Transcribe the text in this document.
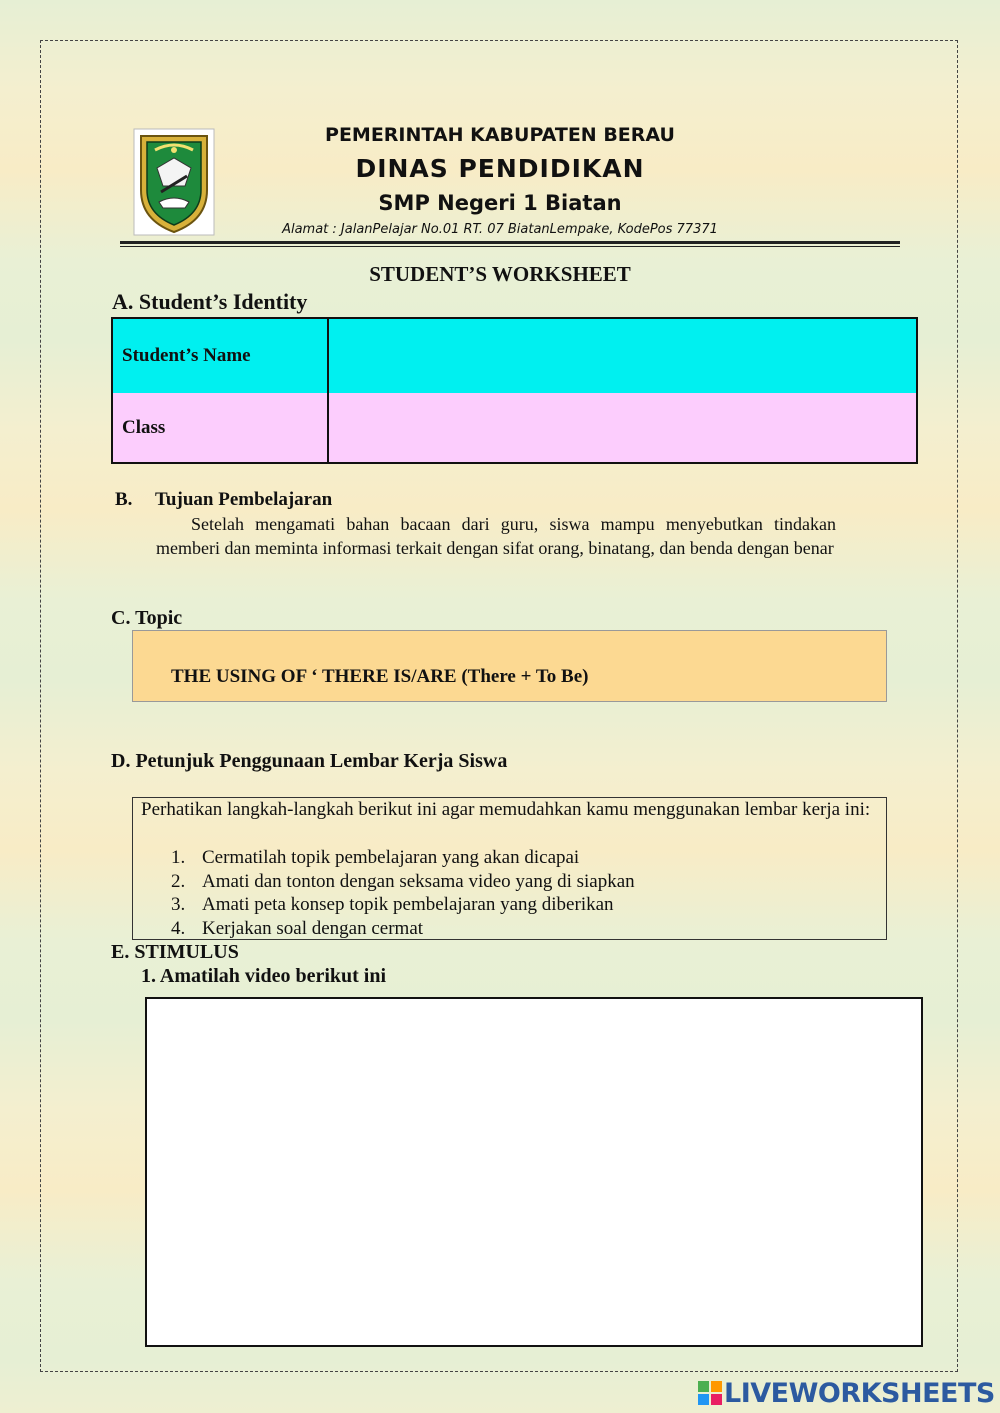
PEMERINTAH KABUPATEN BERAU
DINAS PENDIDIKAN
SMP Negeri 1 Biatan
Alamat : JalanPelajar No.01 RT. 07 BiatanLempake, KodePos 77371
STUDENT’S WORKSHEET
A. Student’s Identity
Student’s Name
Class
B. Tujuan Pembelajaran
Setelah mengamati bahan bacaan dari guru, siswa mampu menyebutkan tindakan memberi dan meminta informasi terkait dengan sifat orang, binatang, dan benda dengan benar
C. Topic
THE USING OF ‘ THERE IS/ARE (There + To Be)
D. Petunjuk Penggunaan Lembar Kerja Siswa
Perhatikan langkah-langkah berikut ini agar memudahkan kamu menggunakan lembar kerja ini:
1. Cermatilah topik pembelajaran yang akan dicapai
2. Amati dan tonton dengan seksama video yang di siapkan
3. Amati peta konsep topik pembelajaran yang diberikan
4. Kerjakan soal dengan cermat
E. STIMULUS
1. Amatilah video berikut ini
LIVEWORKSHEETS
